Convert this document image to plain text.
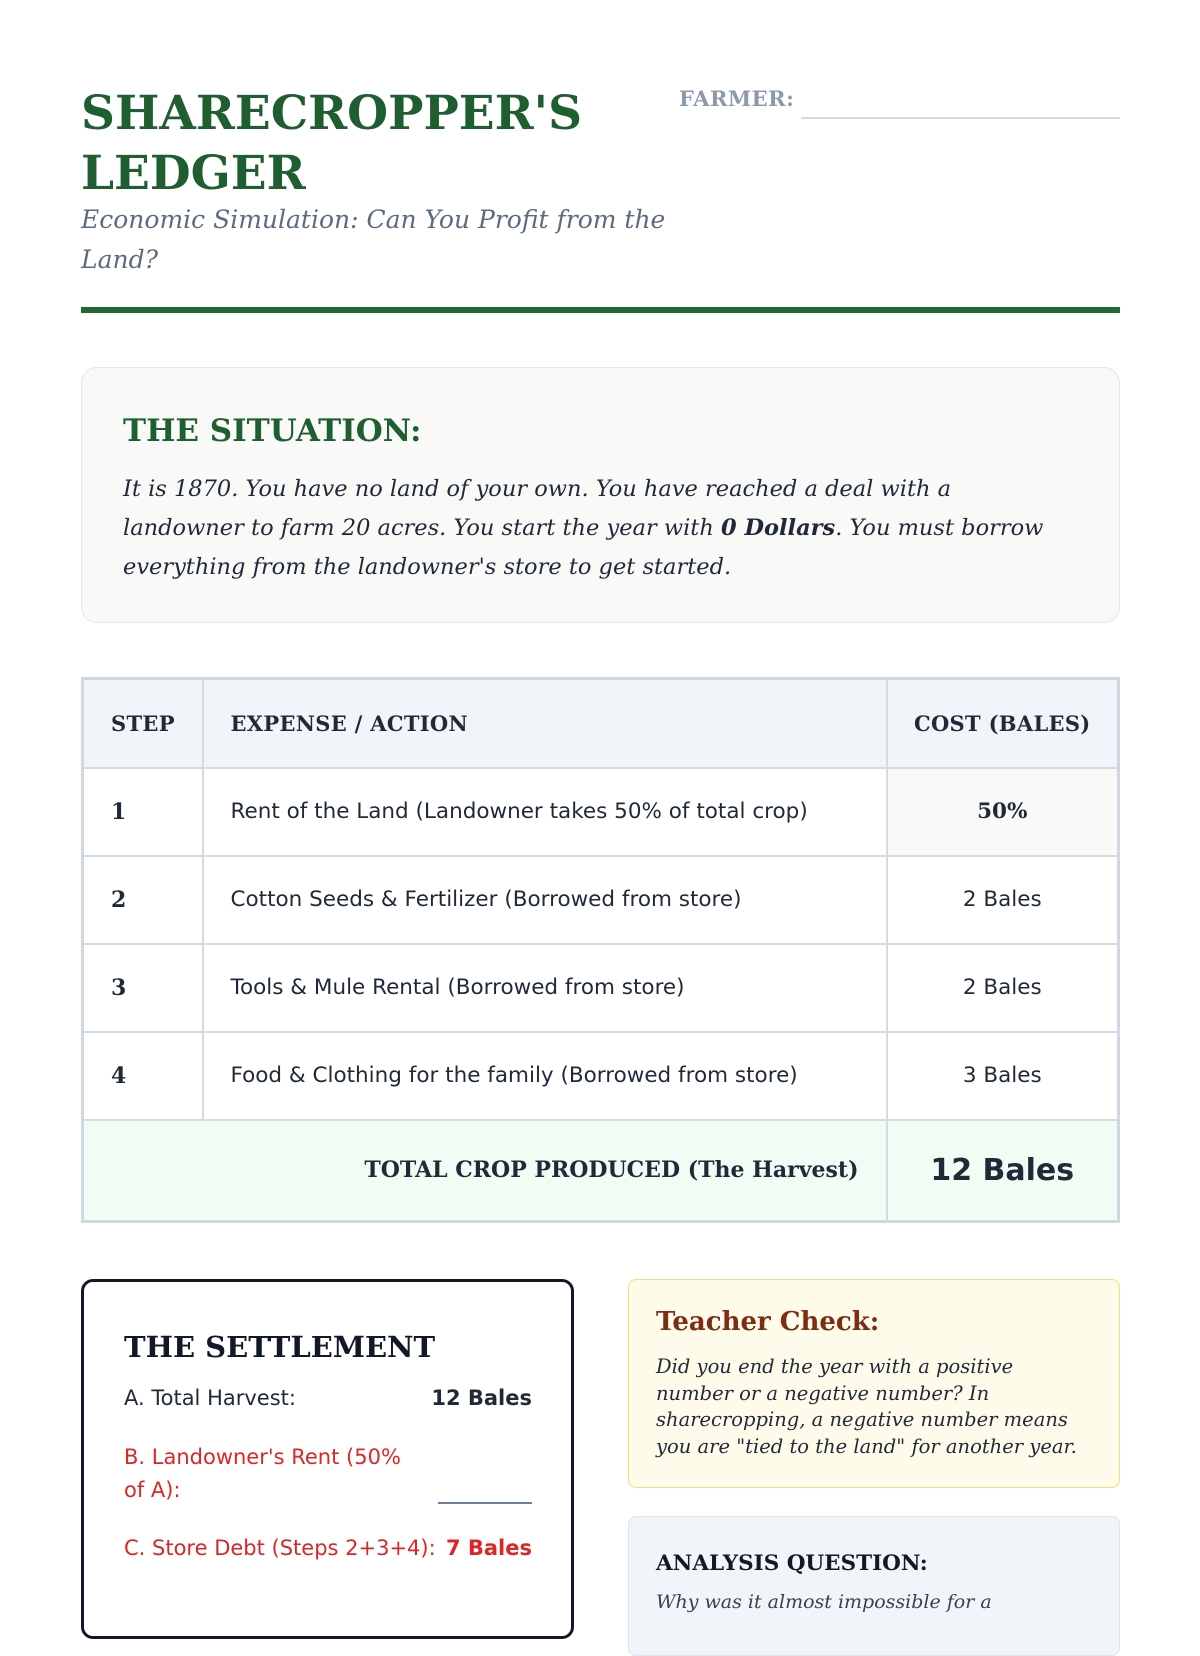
SHARECROPPER'S LEDGER
Economic Simulation: Can You Profit from the Land?
FARMER:
THE SITUATION:

It is 1870. You have no land of your own. You have reached a deal with a landowner to farm 20 acres. You start the year with 0 Dollars. You must borrow everything from the landowner's store to get started.

STEP	EXPENSE / ACTION	COST (BALES)
1	Rent of the Land (Landowner takes 50% of total crop)	50%
2	Cotton Seeds & Fertilizer (Borrowed from store)	2 Bales
3	Tools & Mule Rental (Borrowed from store)	2 Bales
4	Food & Clothing for the family (Borrowed from store)	3 Bales
TOTAL CROP PRODUCED (The Harvest)		12 Bales
THE SETTLEMENT
A. Total Harvest:	12 Bales
B. Landowner's Rent (50% of A):
C. Store Debt (Steps 2+3+4): 7 Bales
Teacher Check:

Did you end the year with a positive number or a negative number? In sharecropping, a negative number means you are "tied to the land" for another year.

ANALYSIS QUESTION:

Why was it almost impossible for a
